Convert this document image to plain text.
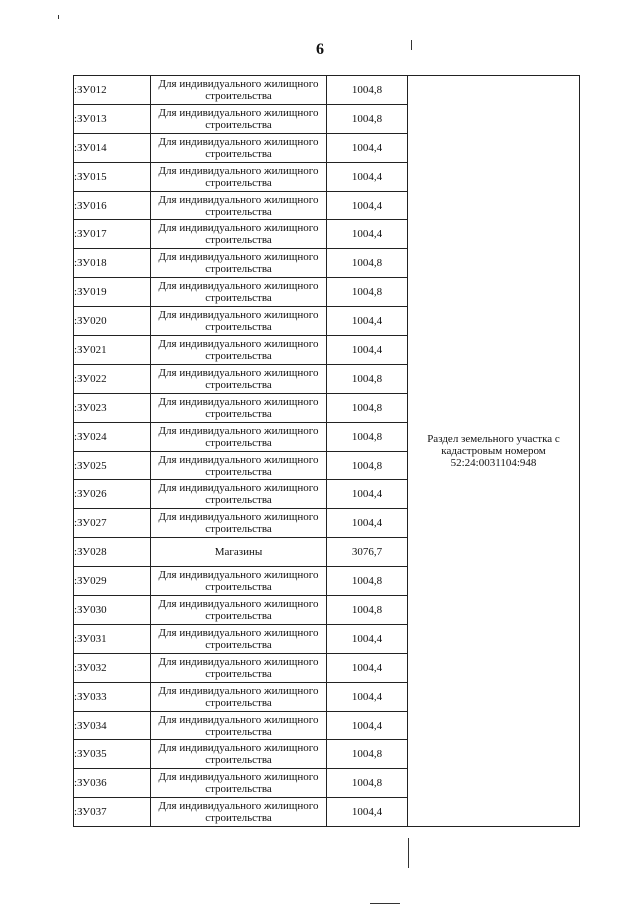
6
:ЗУ012	Для индивидуального жилищного строительства	1004,8	Раздел земельного участка с кадастровым номером 52:24:0031104:948
:ЗУ013	Для индивидуального жилищного строительства	1004,8	
:ЗУ014	Для индивидуального жилищного строительства	1004,4	
:ЗУ015	Для индивидуального жилищного строительства	1004,4	
:ЗУ016	Для индивидуального жилищного строительства	1004,4	
:ЗУ017	Для индивидуального жилищного строительства	1004,4	
:ЗУ018	Для индивидуального жилищного строительства	1004,8	
:ЗУ019	Для индивидуального жилищного строительства	1004,8	
:ЗУ020	Для индивидуального жилищного строительства	1004,4	
:ЗУ021	Для индивидуального жилищного строительства	1004,4	
:ЗУ022	Для индивидуального жилищного строительства	1004,8	
:ЗУ023	Для индивидуального жилищного строительства	1004,8	
:ЗУ024	Для индивидуального жилищного строительства	1004,8	
:ЗУ025	Для индивидуального жилищного строительства	1004,8	
:ЗУ026	Для индивидуального жилищного строительства	1004,4	
:ЗУ027	Для индивидуального жилищного строительства	1004,4	
:ЗУ028	Магазины	3076,7	
:ЗУ029	Для индивидуального жилищного строительства	1004,8	
:ЗУ030	Для индивидуального жилищного строительства	1004,8	
:ЗУ031	Для индивидуального жилищного строительства	1004,4	
:ЗУ032	Для индивидуального жилищного строительства	1004,4	
:ЗУ033	Для индивидуального жилищного строительства	1004,4	
:ЗУ034	Для индивидуального жилищного строительства	1004,4	
:ЗУ035	Для индивидуального жилищного строительства	1004,8	
:ЗУ036	Для индивидуального жилищного строительства	1004,8	
:ЗУ037	Для индивидуального жилищного строительства	1004,4	
